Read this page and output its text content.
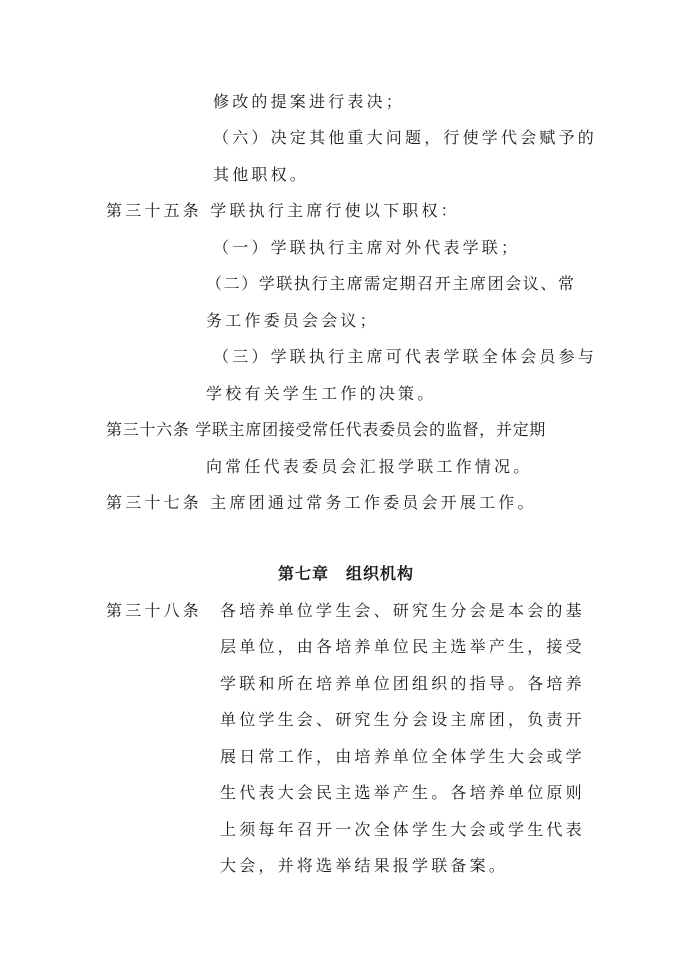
修改的提案进行表决；
（六）决定其他重大问题，行使学代会赋予的
其他职权。
第三十五条 学联执行主席行使以下职权：
（一）学联执行主席对外代表学联；
（二）学联执行主席需定期召开主席团会议、常
务工作委员会会议；
（三）学联执行主席可代表学联全体会员参与
学校有关学生工作的决策。
第三十六条 学联主席团接受常任代表委员会的监督，并定期
向常任代表委员会汇报学联工作情况。
第三十七条 主席团通过常务工作委员会开展工作。
第七章　组织机构
第三十八条 各培养单位学生会、研究生分会是本会的基
层单位，由各培养单位民主选举产生，接受
学联和所在培养单位团组织的指导。各培养
单位学生会、研究生分会设主席团，负责开
展日常工作，由培养单位全体学生大会或学
生代表大会民主选举产生。各培养单位原则
上须每年召开一次全体学生大会或学生代表
大会，并将选举结果报学联备案。
